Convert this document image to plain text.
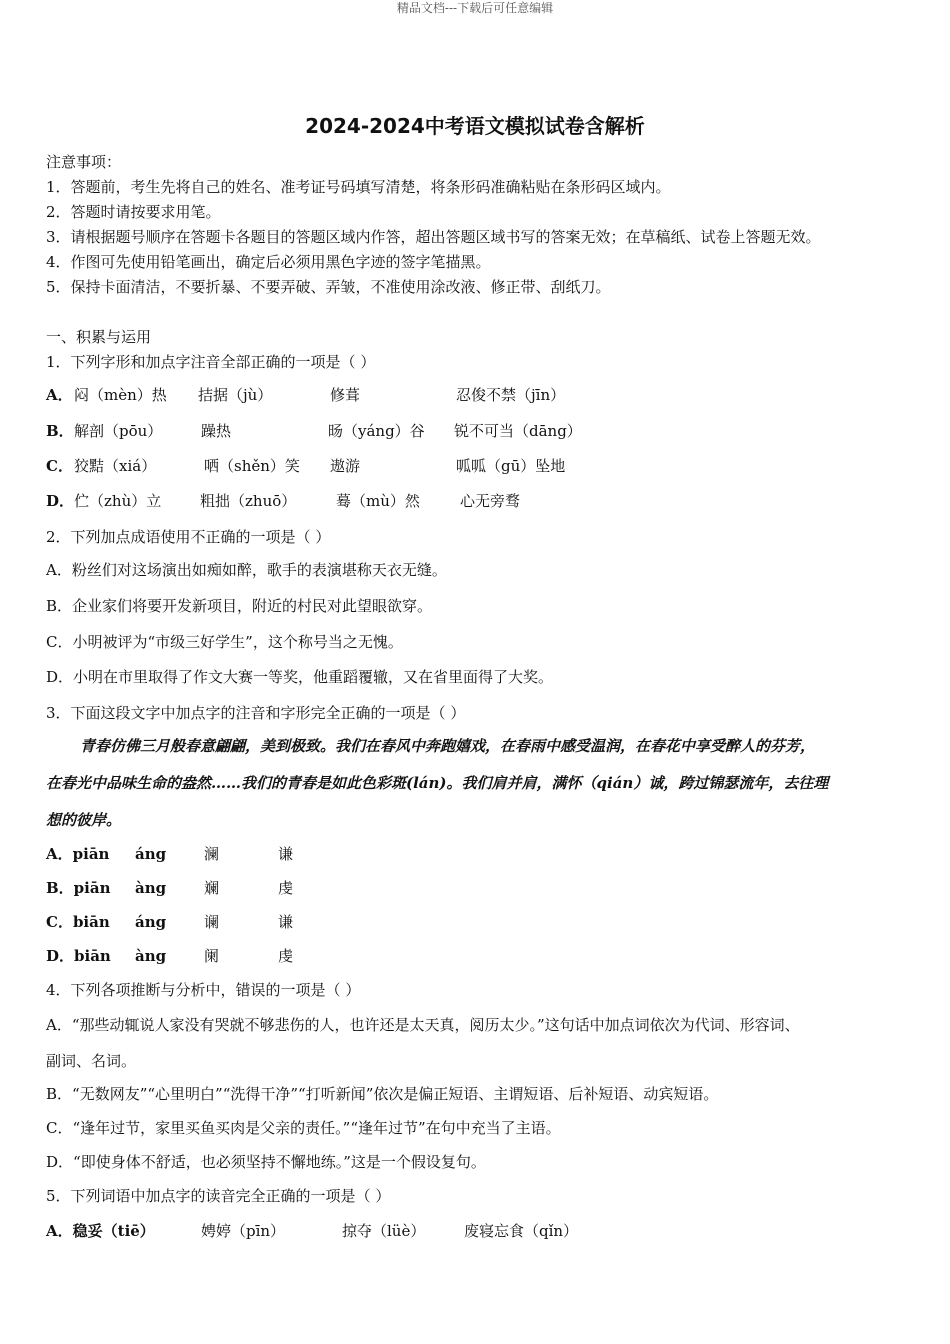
精品文档---下载后可任意编辑
2024-2024中考语文模拟试卷含解析
注意事项：
1．答题前，考生先将自己的姓名、准考证号码填写清楚，将条形码准确粘贴在条形码区域内。
2．答题时请按要求用笔。
3．请根据题号顺序在答题卡各题目的答题区域内作答，超出答题区域书写的答案无效；在草稿纸、试卷上答题无效。
4．作图可先使用铅笔画出，确定后必须用黑色字迹的签字笔描黑。
5．保持卡面清洁，不要折暴、不要弄破、弄皱，不准使用涂改液、修正带、刮纸刀。
一、积累与运用
1．下列字形和加点字注音全部正确的一项是（ ）
A．闷（mèn）热 拮据（jù）	修葺	忍俊不禁（jīn）
B．解剖（pōu）	躁热	旸（yáng）谷 锐不可当（dāng）
C．狡黠（xiá）	哂（shěn）笑 遨游	呱呱（gū）坠地
D．伫（zhù）立	粗拙（zhuō）	蓦（mù）然	心无旁骛
2．下列加点成语使用不正确的一项是（ ）
A．粉丝们对这场演出如痴如醉，歌手的表演堪称天衣无缝。
B．企业家们将要开发新项目，附近的村民对此望眼欲穿。
C．小明被评为“市级三好学生”，这个称号当之无愧。
D．小明在市里取得了作文大赛一等奖，他重蹈覆辙，又在省里面得了大奖。
3．下面这段文字中加点字的注音和字形完全正确的一项是（ ）
青春仿佛三月般春意翩翩，美到极致。我们在春风中奔跑嬉戏，在春雨中感受温润，在春花中享受醉人的芬芳，
在春光中品味生命的盎然……我们的青春是如此色彩斑(lán)。我们肩并肩，满怀（qián）诚，跨过锦瑟流年，去往理
想的彼岸。
A．piān áng	澜	谦
B．piān àng	斓	虔
C．biān áng	谰	谦
D．biān àng	阑	虔
4．下列各项推断与分析中，错误的一项是（ ）
A．“那些动辄说人家没有哭就不够悲伤的人，也许还是太天真，阅历太少。”这句话中加点词依次为代词、形容词、
副词、名词。
B．“无数网友”“心里明白”“洗得干净”“打听新闻”依次是偏正短语、主谓短语、后补短语、动宾短语。
C．“逢年过节，家里买鱼买肉是父亲的责任。”“逢年过节”在句中充当了主语。
D．“即使身体不舒适，也必须坚持不懈地练。”这是一个假设复句。
5．下列词语中加点字的读音完全正确的一项是（ ）
A．稳妥（tiē）	娉婷（pīn）	掠夺（lüè）	废寝忘食（qǐn）
